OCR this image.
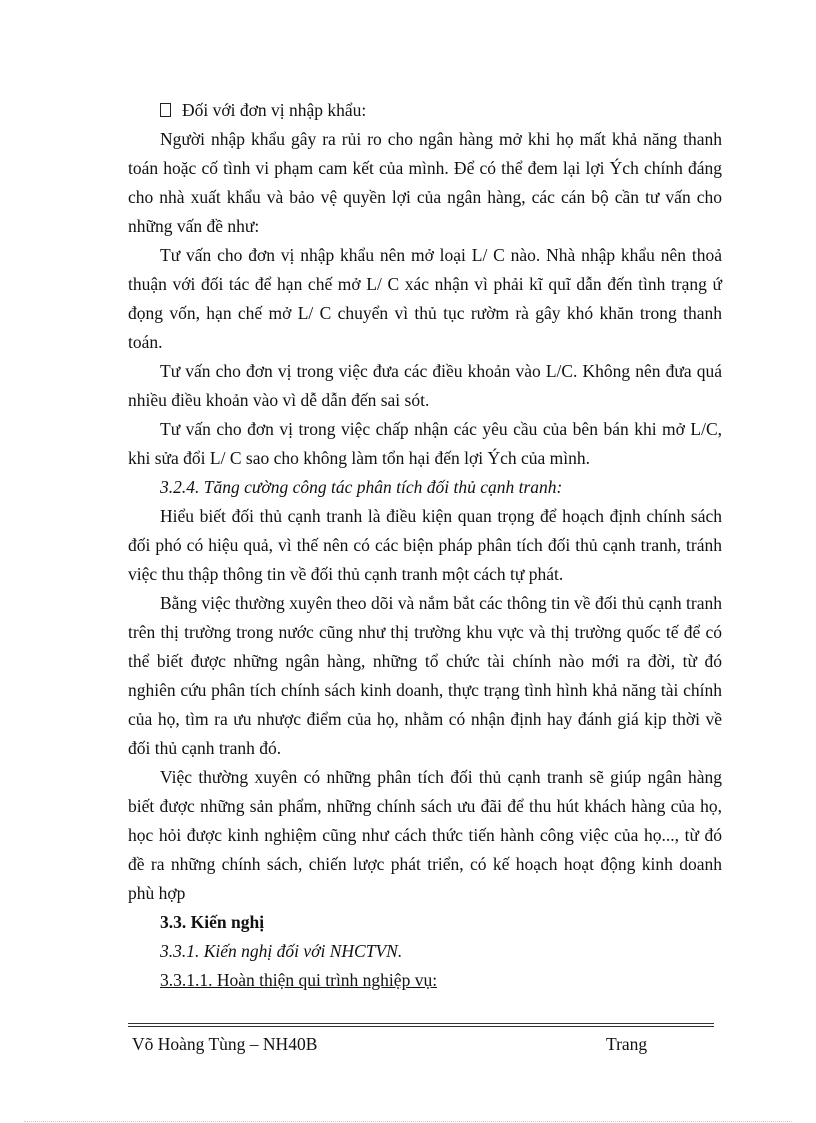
Đối với đơn vị nhập khẩu:

Người nhập khẩu gây ra rủi ro cho ngân hàng mở khi họ mất khả năng thanh toán hoặc cố tình vi phạm cam kết của mình. Để có thể đem lại lợi Ých chính đáng cho nhà xuất khẩu và bảo vệ quyền lợi của ngân hàng, các cán bộ cần tư vấn cho những vấn đề như:

Tư vấn cho đơn vị nhập khẩu nên mở loại L/ C nào. Nhà nhập khẩu nên thoả thuận với đối tác để hạn chế mở L/ C xác nhận vì phải kĩ quĩ dẫn đến tình trạng ứ đọng vốn, hạn chế mở L/ C chuyển vì thủ tục rườm rà gây khó khăn trong thanh toán.

Tư vấn cho đơn vị trong việc đưa các điều khoản vào L/C. Không nên đưa quá nhiều điều khoản vào vì dễ dẫn đến sai sót.

Tư vấn cho đơn vị trong việc chấp nhận các yêu cầu của bên bán khi mở L/C, khi sửa đổi L/ C sao cho không làm tổn hại đến lợi Ých của mình.

3.2.4. Tăng cường công tác phân tích đối thủ cạnh tranh:

Hiểu biết đối thủ cạnh tranh là điều kiện quan trọng để hoạch định chính sách đối phó có hiệu quả, vì thế nên có các biện pháp phân tích đối thủ cạnh tranh, tránh việc thu thập thông tin về đối thủ cạnh tranh một cách tự phát.

Bằng việc thường xuyên theo dõi và nắm bắt các thông tin về đối thủ cạnh tranh trên thị trường trong nước cũng như thị trường khu vực và thị trường quốc tế để có thể biết được những ngân hàng, những tổ chức tài chính nào mới ra đời, từ đó nghiên cứu phân tích chính sách kinh doanh, thực trạng tình hình khả năng tài chính của họ, tìm ra ưu nhược điểm của họ, nhằm có nhận định hay đánh giá kịp thời về đối thủ cạnh tranh đó.

Việc thường xuyên có những phân tích đối thủ cạnh tranh sẽ giúp ngân hàng biết được những sản phẩm, những chính sách ưu đãi để thu hút khách hàng của họ, học hỏi được kinh nghiệm cũng như cách thức tiến hành công việc của họ..., từ đó đề ra những chính sách, chiến lược phát triển, có kế hoạch hoạt động kinh doanh phù hợp

3.3. Kiến nghị

3.3.1. Kiến nghị đối với NHCTVN.

3.3.1.1. Hoàn thiện qui trình nghiệp vụ:

Võ Hoàng Tùng – NH40B	Trang
